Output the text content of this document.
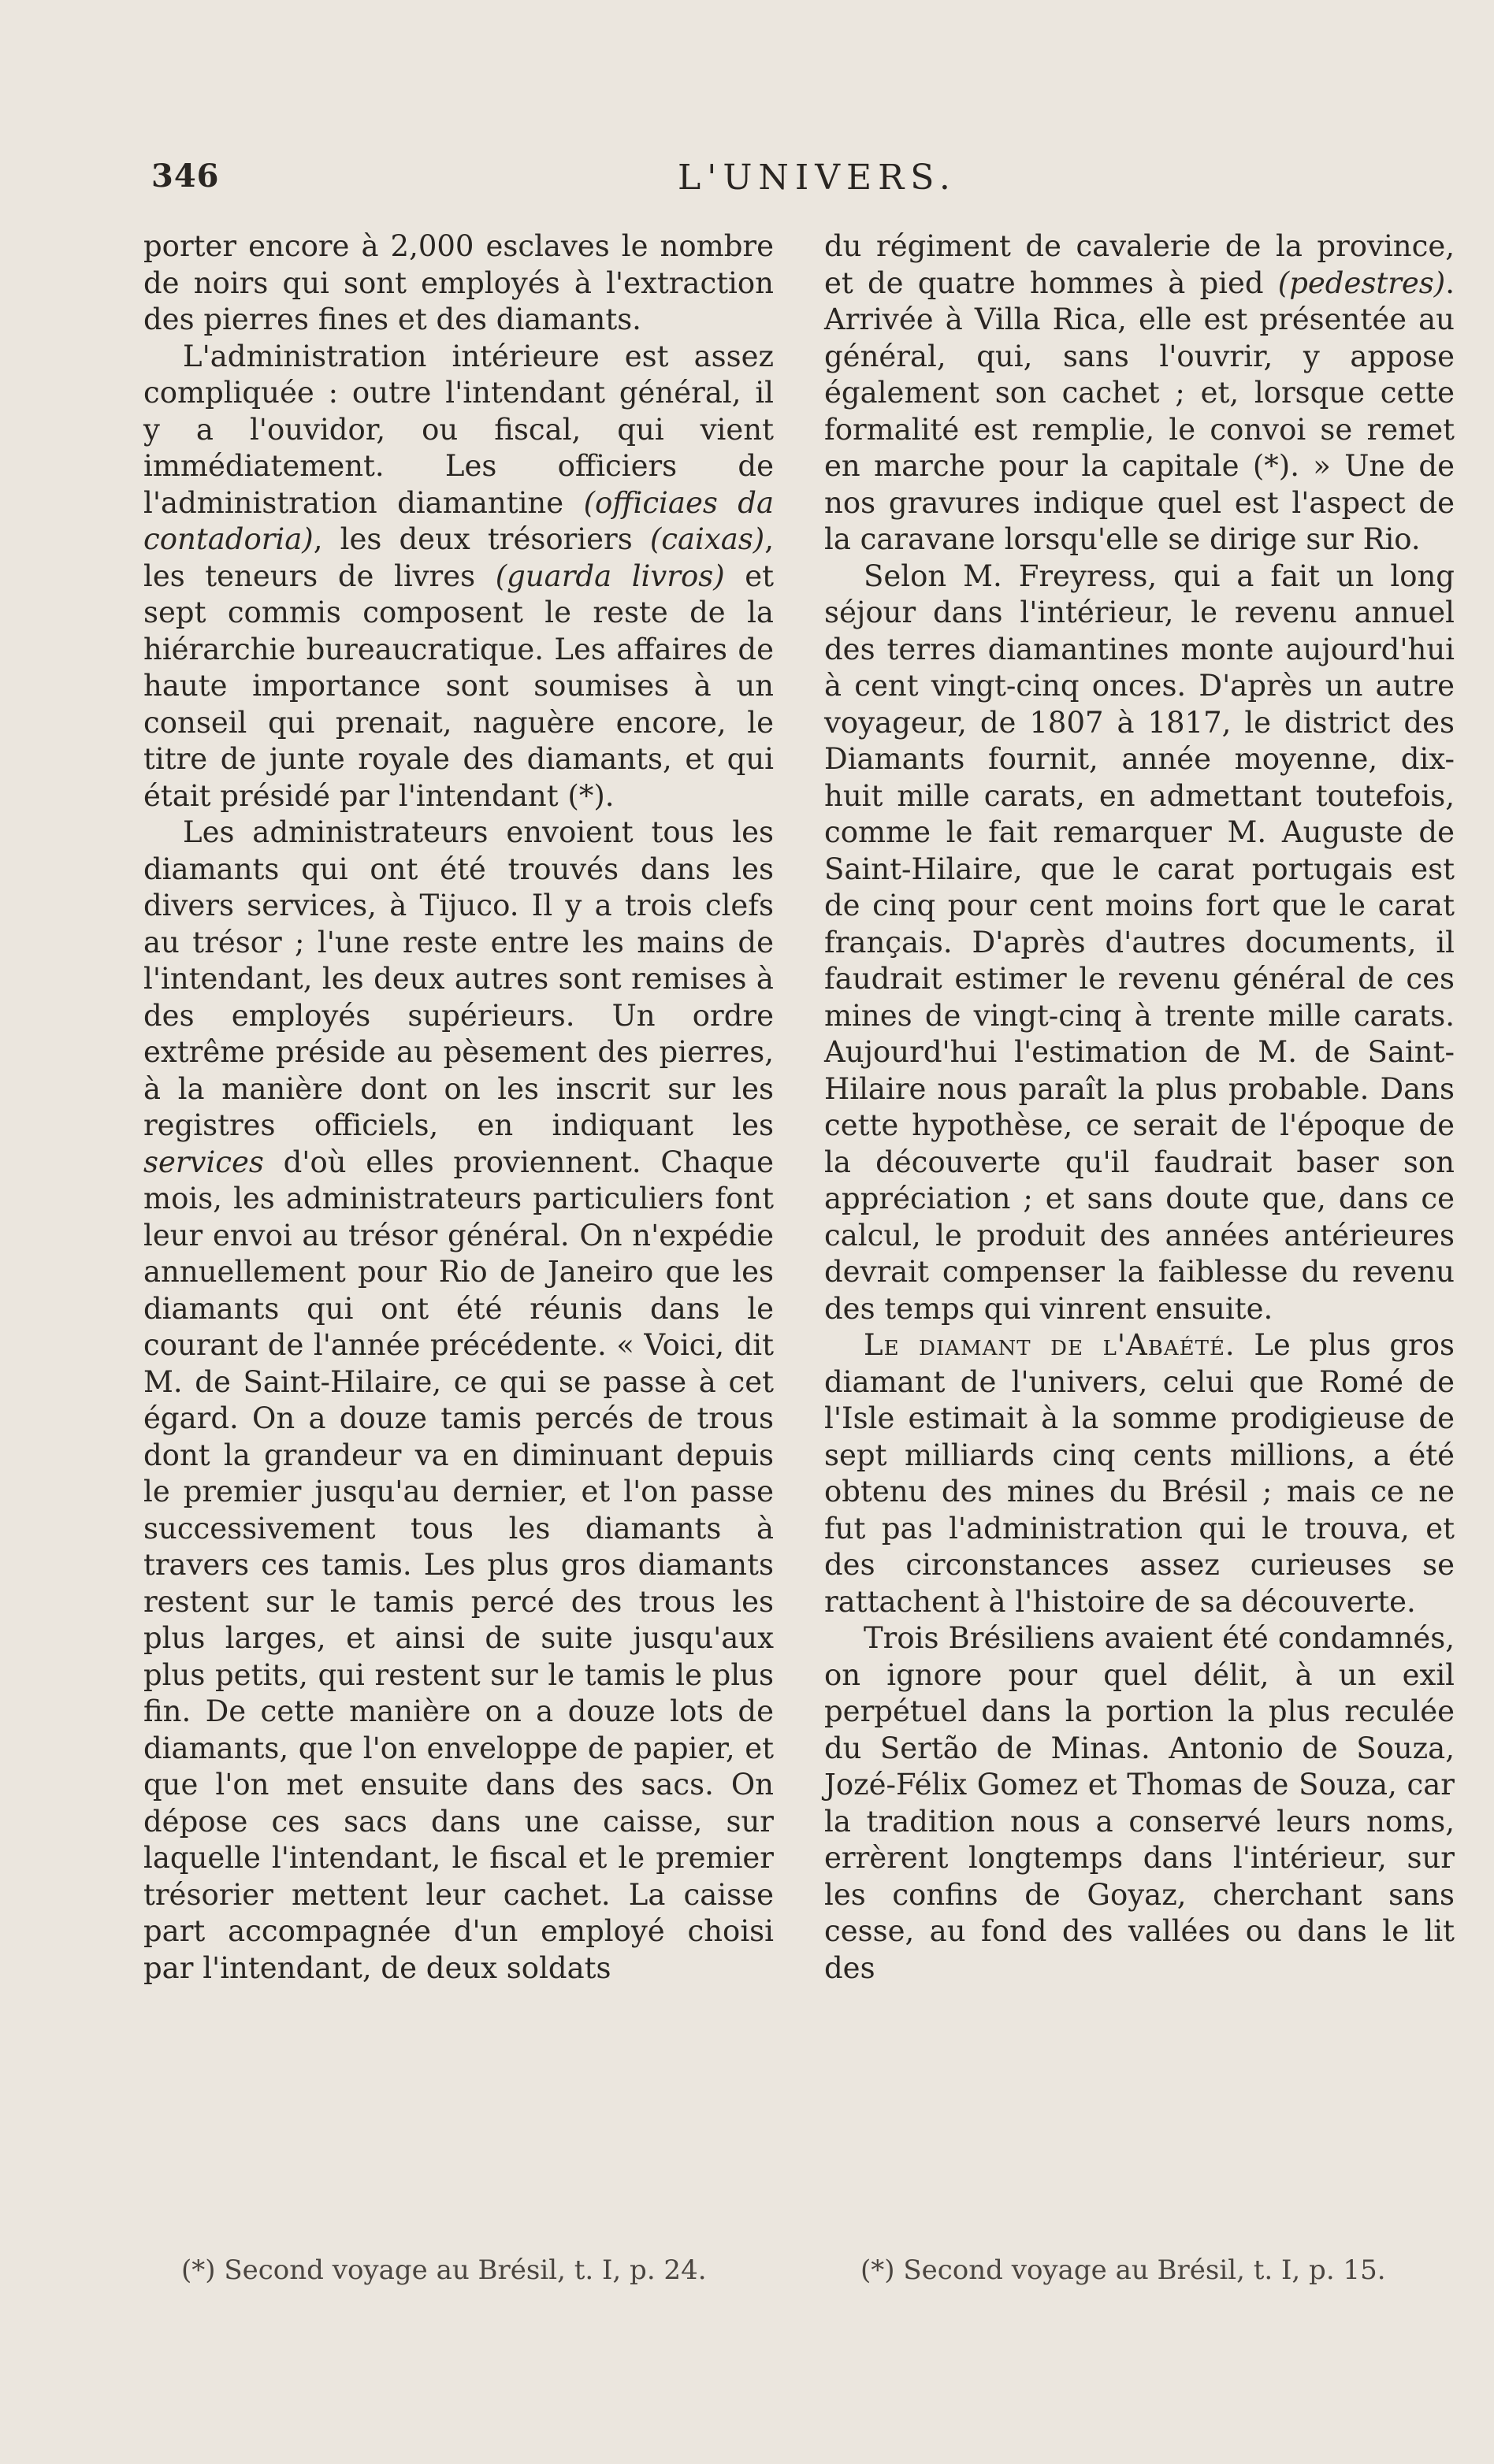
346	L'UNIVERS.

porter encore à 2,000 esclaves le nombre de noirs qui sont employés à l'extraction des pierres fines et des diamants.

L'administration intérieure est assez compliquée : outre l'intendant général, il y a l'ouvidor, ou fiscal, qui vient immédiatement. Les officiers de l'administration diamantine (officiaes da contadoria), les deux trésoriers (caixas), les teneurs de livres (guarda livros) et sept commis composent le reste de la hiérarchie bureaucratique. Les affaires de haute importance sont soumises à un conseil qui prenait, naguère encore, le titre de junte royale des diamants, et qui était présidé par l'intendant (*).

Les administrateurs envoient tous les diamants qui ont été trouvés dans les divers services, à Tijuco. Il y a trois clefs au trésor ; l'une reste entre les mains de l'intendant, les deux autres sont remises à des employés supérieurs. Un ordre extrême préside au pèsement des pierres, à la manière dont on les inscrit sur les registres officiels, en indiquant les services d'où elles proviennent. Chaque mois, les administrateurs particuliers font leur envoi au trésor général. On n'expédie annuellement pour Rio de Janeiro que les diamants qui ont été réunis dans le courant de l'année précédente. « Voici, dit M. de Saint-Hilaire, ce qui se passe à cet égard. On a douze tamis percés de trous dont la grandeur va en diminuant depuis le premier jusqu'au dernier, et l'on passe successivement tous les diamants à travers ces tamis. Les plus gros diamants restent sur le tamis percé des trous les plus larges, et ainsi de suite jusqu'aux plus petits, qui restent sur le tamis le plus fin. De cette manière on a douze lots de diamants, que l'on enveloppe de papier, et que l'on met ensuite dans des sacs. On dépose ces sacs dans une caisse, sur laquelle l'intendant, le fiscal et le premier trésorier mettent leur cachet. La caisse part accompagnée d'un employé choisi par l'intendant, de deux soldats

du régiment de cavalerie de la province, et de quatre hommes à pied (pedestres). Arrivée à Villa Rica, elle est présentée au général, qui, sans l'ouvrir, y appose également son cachet ; et, lorsque cette formalité est remplie, le convoi se remet en marche pour la capitale (*). » Une de nos gravures indique quel est l'aspect de la caravane lorsqu'elle se dirige sur Rio.

Selon M. Freyress, qui a fait un long séjour dans l'intérieur, le revenu annuel des terres diamantines monte aujourd'hui à cent vingt-cinq onces. D'après un autre voyageur, de 1807 à 1817, le district des Diamants fournit, année moyenne, dix-huit mille carats, en admettant toutefois, comme le fait remarquer M. Auguste de Saint-Hilaire, que le carat portugais est de cinq pour cent moins fort que le carat français. D'après d'autres documents, il faudrait estimer le revenu général de ces mines de vingt-cinq à trente mille carats. Aujourd'hui l'estimation de M. de Saint-Hilaire nous paraît la plus probable. Dans cette hypothèse, ce serait de l'époque de la découverte qu'il faudrait baser son appréciation ; et sans doute que, dans ce calcul, le produit des années antérieures devrait compenser la faiblesse du revenu des temps qui vinrent ensuite.

Le diamant de l'Abaété. Le plus gros diamant de l'univers, celui que Romé de l'Isle estimait à la somme prodigieuse de sept milliards cinq cents millions, a été obtenu des mines du Brésil ; mais ce ne fut pas l'administration qui le trouva, et des circonstances assez curieuses se rattachent à l'histoire de sa découverte.

Trois Brésiliens avaient été condamnés, on ignore pour quel délit, à un exil perpétuel dans la portion la plus reculée du Sertão de Minas. Antonio de Souza, Jozé-Félix Gomez et Thomas de Souza, car la tradition nous a conservé leurs noms, errèrent longtemps dans l'intérieur, sur les confins de Goyaz, cherchant sans cesse, au fond des vallées ou dans le lit des

(*) Second voyage au Brésil, t. I, p. 24.	(*) Second voyage au Brésil, t. I, p. 15.
